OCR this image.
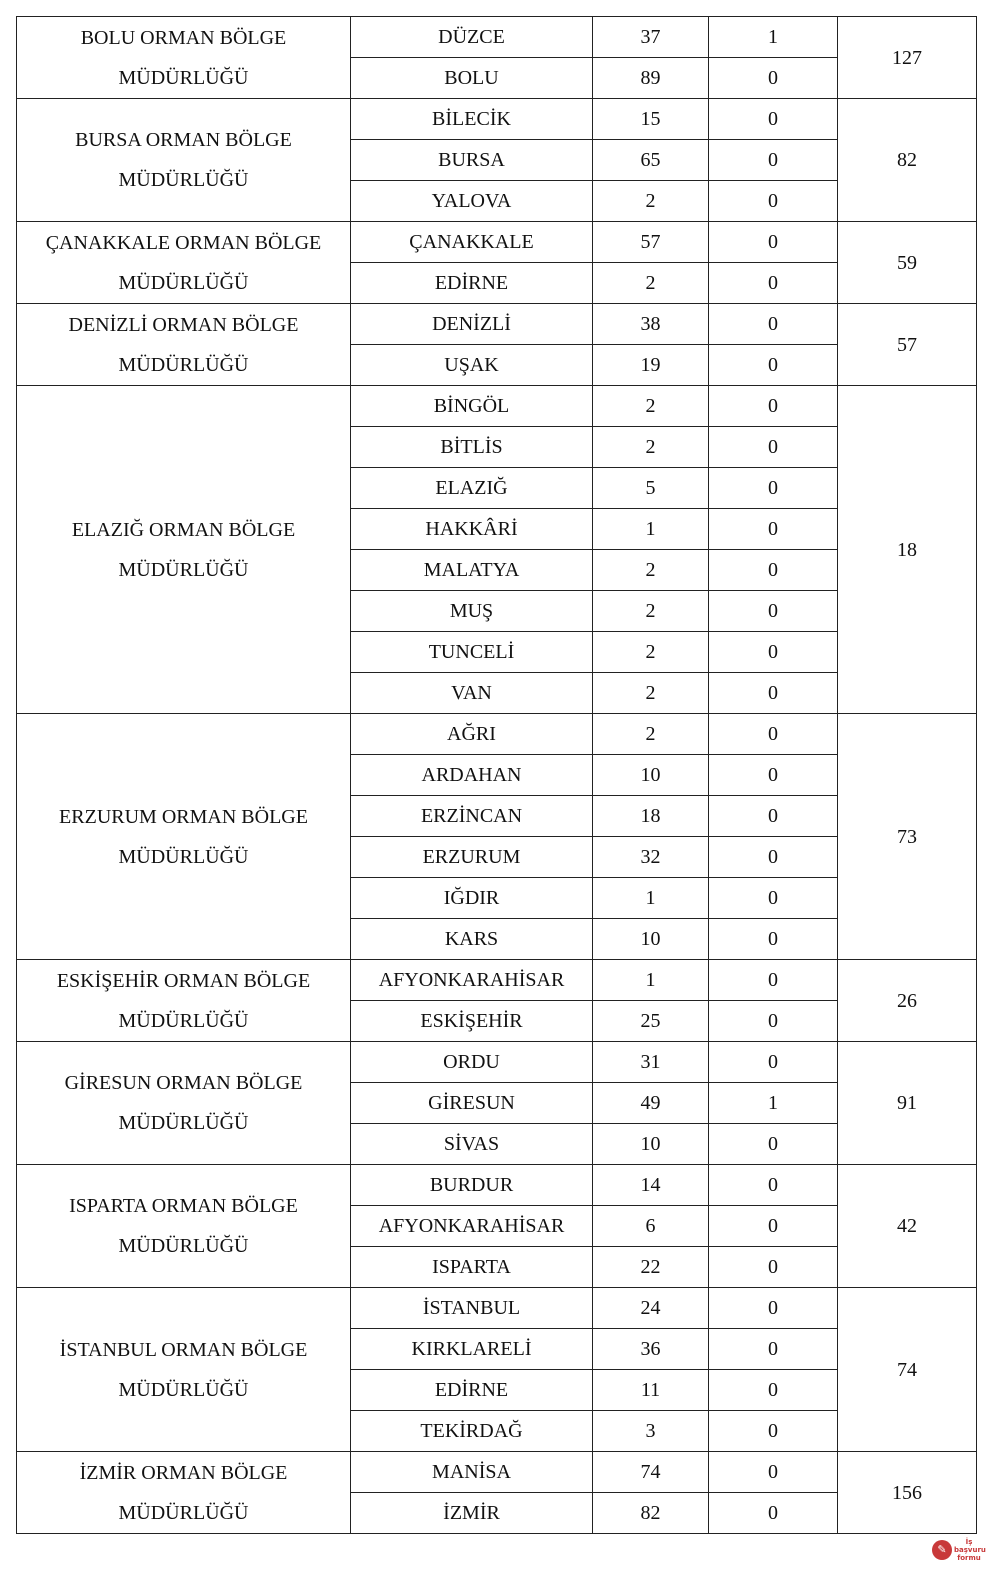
BOLU ORMAN BÖLGE
MÜDÜRLÜĞÜ	DÜZCE	37	1	127
	BOLU	89	0	

BURSA ORMAN BÖLGE
MÜDÜRLÜĞÜ	BİLECİK	15	0	82
	BURSA	65	0	
	YALOVA	2	0	

ÇANAKKALE ORMAN BÖLGE
MÜDÜRLÜĞÜ	ÇANAKKALE	57	0	59
	EDİRNE	2	0	

DENİZLİ ORMAN BÖLGE
MÜDÜRLÜĞÜ	DENİZLİ	38	0	57
	UŞAK	19	0	

ELAZIĞ ORMAN BÖLGE
MÜDÜRLÜĞÜ	BİNGÖL	2	0	18
	BİTLİS	2	0	
	ELAZIĞ	5	0	
	HAKKÂRİ	1	0	
	MALATYA	2	0	
	MUŞ	2	0	
	TUNCELİ	2	0	
	VAN	2	0	

ERZURUM ORMAN BÖLGE
MÜDÜRLÜĞÜ	AĞRI	2	0	73
	ARDAHAN	10	0	
	ERZİNCAN	18	0	
	ERZURUM	32	0	
	IĞDIR	1	0	
	KARS	10	0	

ESKİŞEHİR ORMAN BÖLGE
MÜDÜRLÜĞÜ	AFYONKARAHİSAR	1	0	26
	ESKİŞEHİR	25	0	

GİRESUN ORMAN BÖLGE
MÜDÜRLÜĞÜ	ORDU	31	0	91
	GİRESUN	49	1	
	SİVAS	10	0	

ISPARTA ORMAN BÖLGE
MÜDÜRLÜĞÜ	BURDUR	14	0	42
	AFYONKARAHİSAR	6	0	
	ISPARTA	22	0	

İSTANBUL ORMAN BÖLGE
MÜDÜRLÜĞÜ	İSTANBUL	24	0	74
	KIRKLARELİ	36	0	
	EDİRNE	11	0	
	TEKİRDAĞ	3	0	

İZMİR ORMAN BÖLGE
MÜDÜRLÜĞÜ	MANİSA	74	0	156
	İZMİR	82	0	
✎
İş
başvuru
formu
